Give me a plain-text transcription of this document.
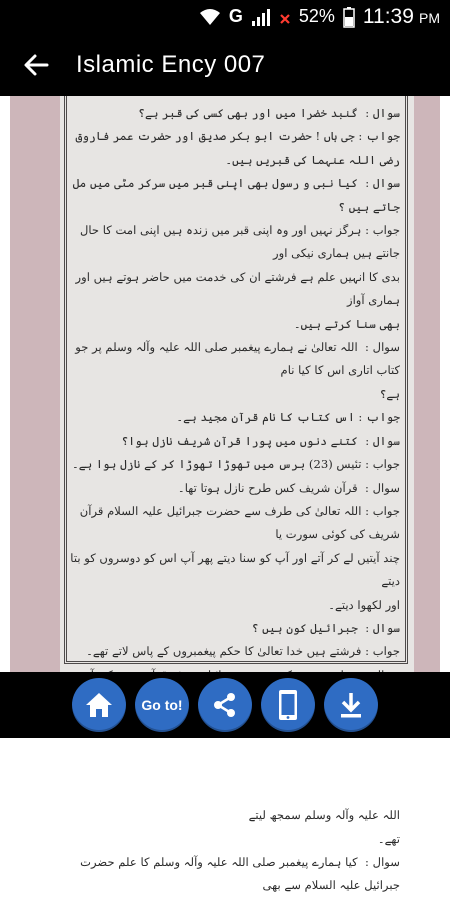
G	52% 11:39 PM
Islamic Ency 007

سوال :  گنبد خضرا میں اور بھی کسی کی قبر ہے؟

جواب : جی ہاں ! حضرت ابو بکر صدیق اور حضرت عمر فاروق رضی اللہ عنہما کی قبریں ہیں۔

سوال :  کیا نبی و رسول بھی اپنی قبر میں سرکر مٹی میں مل جاتے ہیں ؟

جواب : ہرگز نہیں اور وہ اپنی قبر میں زندہ ہیں اپنی امت کا حال جانتے ہیں ہماری نیکی اور

بدی کا انہیں علم ہے فرشتے ان کی خدمت میں حاضر ہوتے ہیں اور ہماری آواز

بھی سنا کرتے ہیں۔

سوال :  اللہ تعالیٰ نے ہمارے پیغمبر صلی اللہ علیہ وآلہ وسلم پر جو کتاب اتاری اس کا کیا نام

ہے؟

جواب : اس کتاب کا نام قرآن مجید ہے۔

سوال :  کتنے دنوں میں پورا قرآن شریف نازل ہوا؟

جواب : تئیس (23) برس میں تھوڑا تھوڑا کر کے نازل ہوا ہے۔

سوال :  قرآن شریف کس طرح نازل ہوتا تھا۔

جواب : اللہ تعالیٰ کی طرف سے حضرت جبرائیل علیہ السلام قرآن شریف کی کوئی سورت یا

چند آیتیں لے کر آتے اور آپ کو سنا دیتے پھر آپ اس کو دوسروں کو بتا دیتے

اور لکھوا دیتے۔

سوال :  جبرائیل کون ہیں ؟

جواب : فرشتے ہیں خدا تعالیٰ کا حکم پیغمبروں کے پاس لاتے تھے۔

اللہ علیہ وآلہ وسلم سمجھ لیتے

تھے۔

سوال :  کیا ہمارے پیغمبر صلی اللہ علیہ وآلہ وسلم کا علم حضرت جبرائیل علیہ السلام سے بھی

Go to!
